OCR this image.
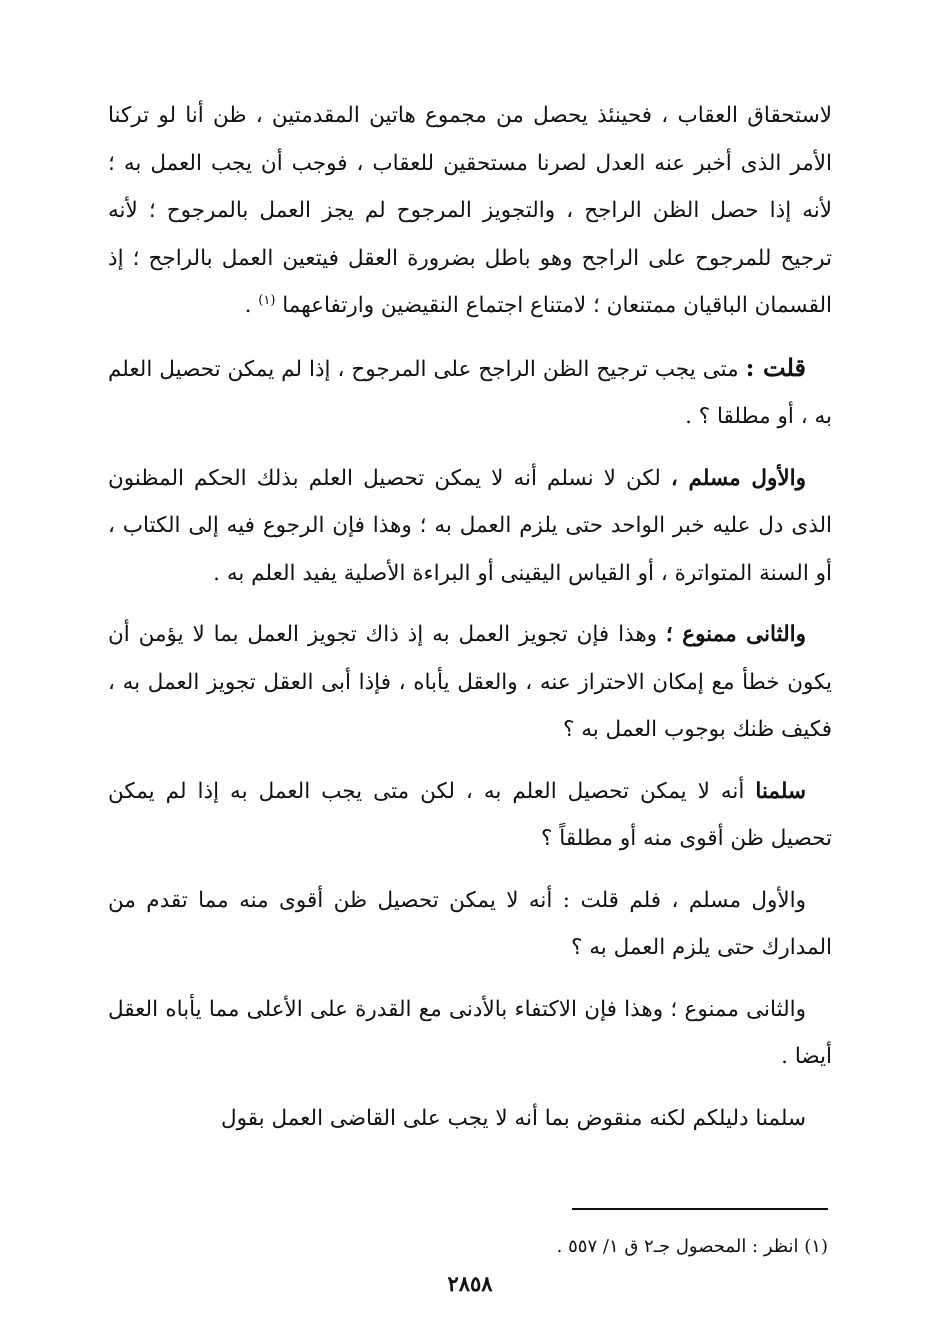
لاستحقاق العقاب ، فحينئذ يحصل من مجموع هاتين المقدمتين ، ظن أنا لو تركنا الأمر الذى أخبر عنه العدل لصرنا مستحقين للعقاب ، فوجب أن يجب العمل به ؛ لأنه إذا حصل الظن الراجح ، والتجويز المرجوح لم يجز العمل بالمرجوح ؛ لأنه ترجيح للمرجوح على الراجح وهو باطل بضرورة العقل فيتعين العمل بالراجح ؛ إذ القسمان الباقيان ممتنعان ؛ لامتناع اجتماع النقيضين وارتفاعهما $^{(١)}$ .

قلت : متى يجب ترجيح الظن الراجح على المرجوح ، إذا لم يمكن تحصيل العلم به ، أو مطلقا ؟ .

والأول مسلم ، لكن لا نسلم أنه لا يمكن تحصيل العلم بذلك الحكم المظنون الذى دل عليه خبر الواحد حتى يلزم العمل به ؛ وهذا فإن الرجوع فيه إلى الكتاب ، أو السنة المتواترة ، أو القياس اليقينى أو البراءة الأصلية يفيد العلم به .

والثانى ممنوع ؛ وهذا فإن تجويز العمل به إذ ذاك تجويز العمل بما لا يؤمن أن يكون خطأ مع إمكان الاحتراز عنه ، والعقل يأباه ، فإذا أبى العقل تجويز العمل به ، فكيف ظنك بوجوب العمل به ؟

سلمنا أنه لا يمكن تحصيل العلم به ، لكن متى يجب العمل به إذا لم يمكن تحصيل ظن أقوى منه أو مطلقاً ؟

والأول مسلم ، فلم قلت : أنه لا يمكن تحصيل ظن أقوى منه مما تقدم من المدارك حتى يلزم العمل به ؟

والثانى ممنوع ؛ وهذا فإن الاكتفاء بالأدنى مع القدرة على الأعلى مما يأباه العقل أيضا .

سلمنا دليلكم لكنه منقوض بما أنه لا يجب على القاضى العمل بقول

(١) انظر : المحصول جـ٢ ق ١/ ٥٥٧ .
٢٨٥٨
